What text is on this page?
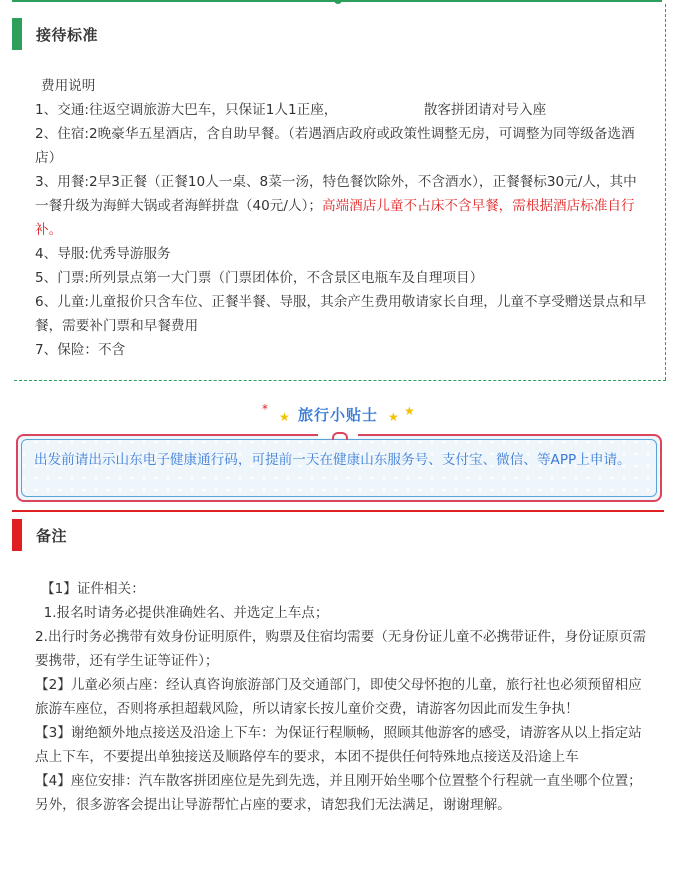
接待标准

费用说明

1、交通:往返空调旅游大巴车，只保证1人1正座，                    散客拼团请对号入座

2、住宿:2晚豪华五星酒店，含自助早餐。（若遇酒店政府或政策性调整无房，可调整为同等级备选酒店）

3、用餐:2早3正餐（正餐10人一桌、8菜一汤，特色餐饮除外，不含酒水），正餐餐标30元/人，其中一餐升级为海鲜大锅或者海鲜拼盘（40元/人）；高端酒店儿童不占床不含早餐，需根据酒店标准自行补。

4、导服:优秀导游服务

5、门票:所列景点第一大门票（门票团体价，不含景区电瓶车及自理项目）

6、儿童:儿童报价只含车位、正餐半餐、导服，其余产生费用敬请家长自理，儿童不享受赠送景点和早餐，需要补门票和早餐费用

7、保险：不含

旅行小贴士
*
★	★ ★
出发前请出示山东电子健康通行码，可提前一天在健康山东服务号、支付宝、微信、等APP上申请。
备注

【1】证件相关：

1.报名时请务必提供准确姓名、并选定上车点；

2.出行时务必携带有效身份证明原件，购票及住宿均需要（无身份证儿童不必携带证件，身份证原页需要携带，还有学生证等证件）；

【2】儿童必须占座：经认真咨询旅游部门及交通部门，即使父母怀抱的儿童，旅行社也必须预留相应旅游车座位，否则将承担超载风险，所以请家长按儿童价交费，请游客勿因此而发生争执！

【3】谢绝额外地点接送及沿途上下车：为保证行程顺畅，照顾其他游客的感受，请游客从以上指定站点上下车，不要提出单独接送及顺路停车的要求，本团不提供任何特殊地点接送及沿途上车

【4】座位安排：汽车散客拼团座位是先到先选，并且刚开始坐哪个位置整个行程就一直坐哪个位置；另外，很多游客会提出让导游帮忙占座的要求，请恕我们无法满足，谢谢理解。
